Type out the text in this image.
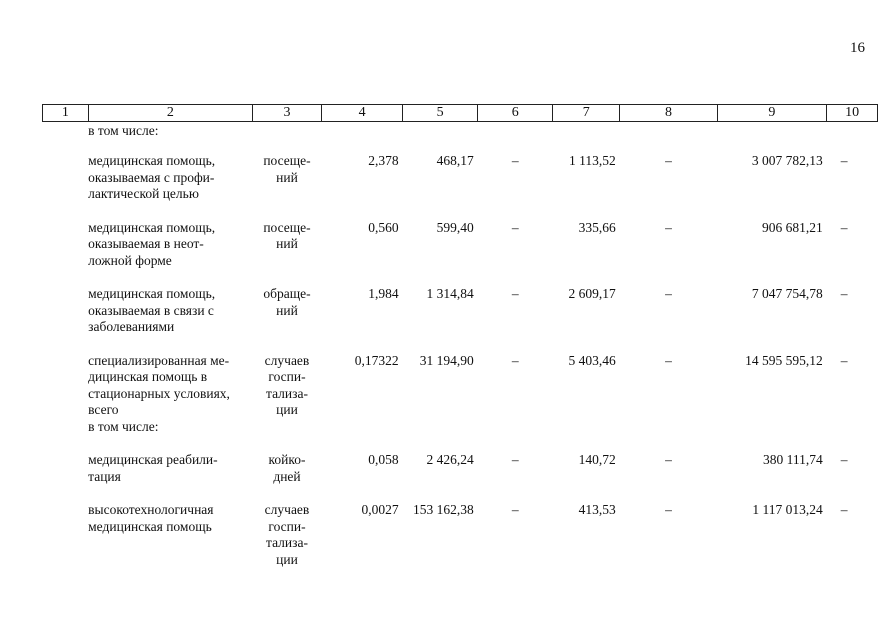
16
1	2	3	4	5	6	7	8	9	10
	в том числе:								

	медицинская помощь,
оказываемая с профи-
лактической целью	посеще-
ний	2,378	468,17	–	1 113,52	–	3 007 782,13	–

	медицинская помощь,
оказываемая в неот-
ложной форме	посеще-
ний	0,560	599,40	–	335,66	–	906 681,21	–

	медицинская помощь,
оказываемая в связи с
заболеваниями	обраще-
ний	1,984	1 314,84	–	2 609,17	–	7 047 754,78	–

	специализированная ме-
дицинская помощь в
стационарных условиях,
всего
в том числе:	случаев
госпи-
тализа-
ции	0,17322	31 194,90	–	5 403,46	–	14 595 595,12	–

	медицинская реабили-
тация	койко-
дней	0,058	2 426,24	–	140,72	–	380 111,74	–

	высокотехнологичная
медицинская помощь	случаев
госпи-
тализа-
ции	0,0027	153 162,38	–	413,53	–	1 117 013,24	–
